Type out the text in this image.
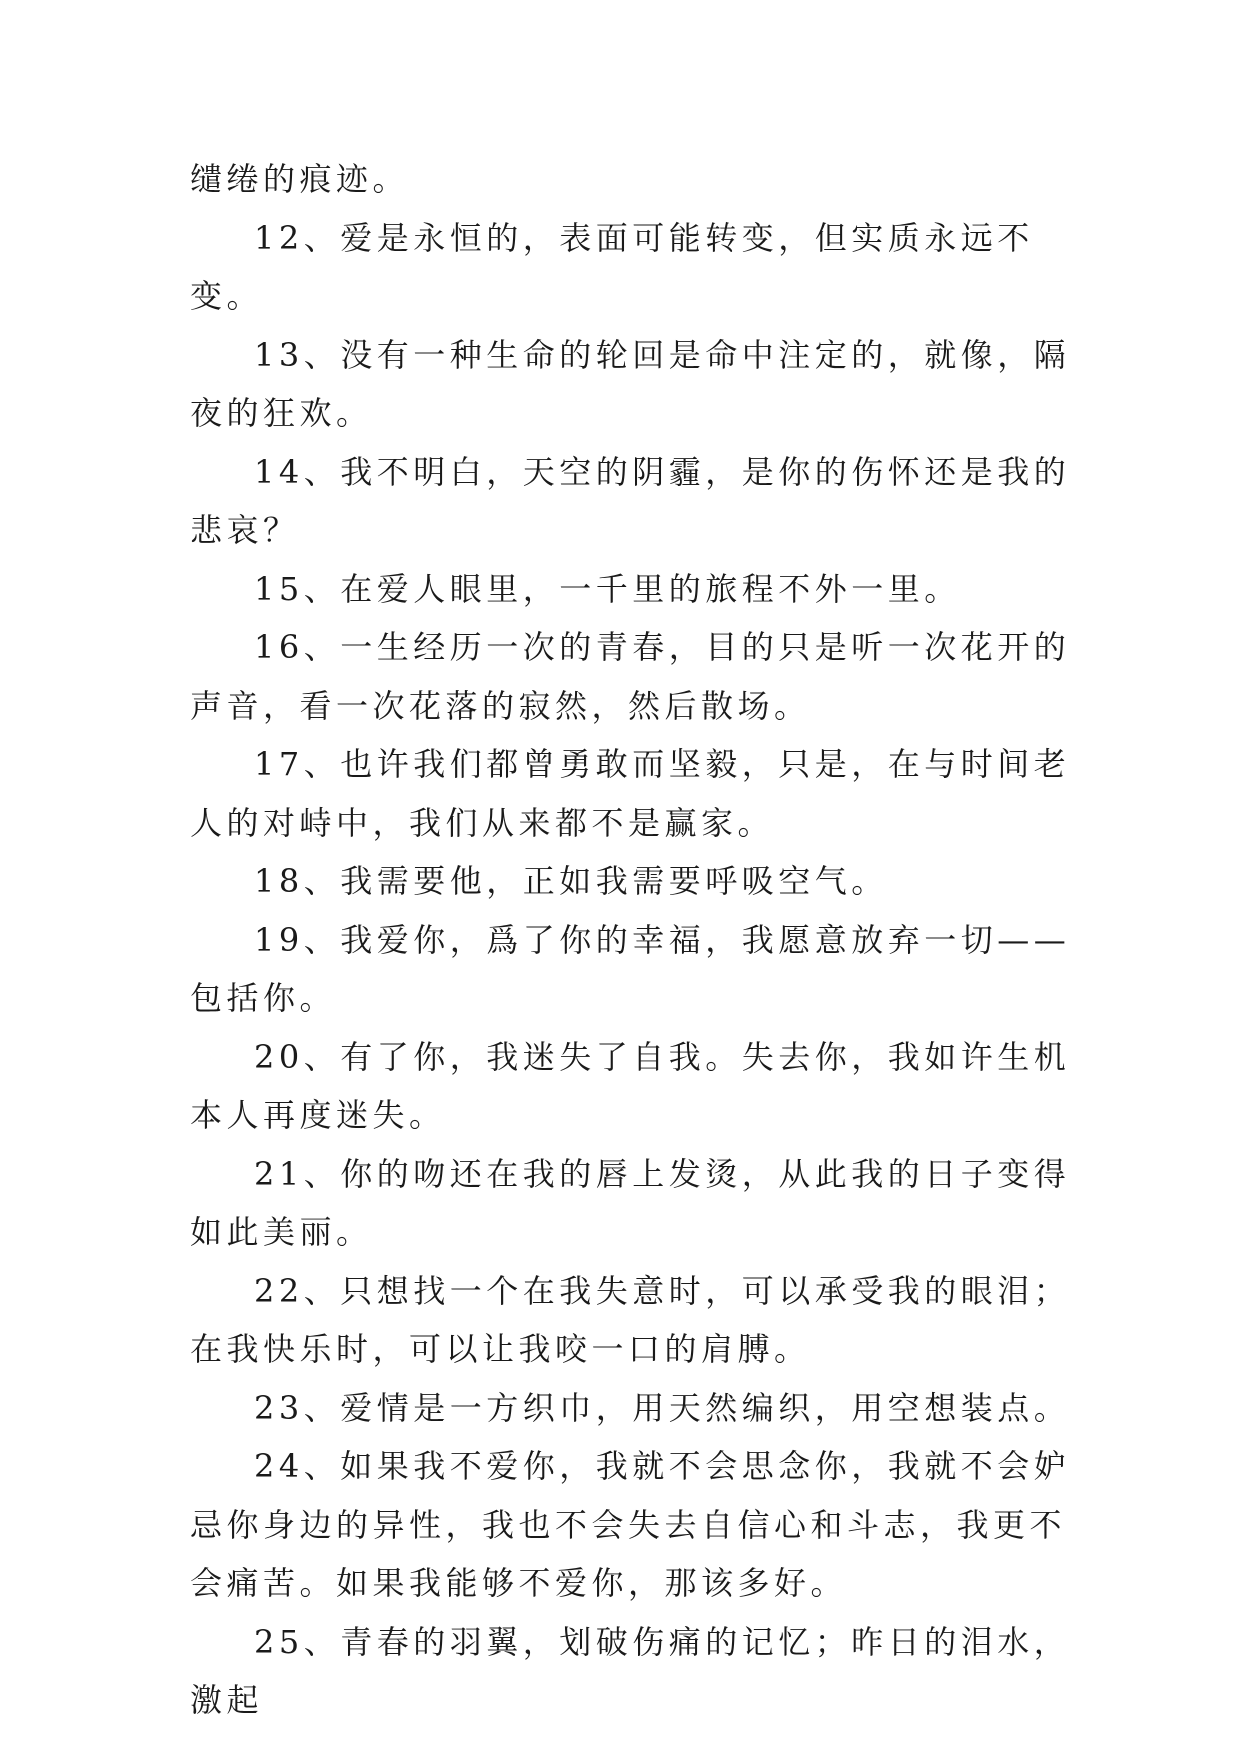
缱绻的痕迹。

12、爱是永恒的，表面可能转变，但实质永远不变。

13、没有一种生命的轮回是命中注定的，就像，隔夜的狂欢。

14、我不明白，天空的阴霾，是你的伤怀还是我的悲哀？

15、在爱人眼里，一千里的旅程不外一里。

16、一生经历一次的青春，目的只是听一次花开的声音，看一次花落的寂然，然后散场。

17、也许我们都曾勇敢而坚毅，只是，在与时间老人的对峙中，我们从来都不是赢家。

18、我需要他，正如我需要呼吸空气。

19、我爱你，爲了你的幸福，我愿意放弃一切——包括你。

20、有了你，我迷失了自我。失去你，我如许生机本人再度迷失。

21、你的吻还在我的唇上发烫，从此我的日子变得如此美丽。

22、只想找一个在我失意时，可以承受我的眼泪；在我快乐时，可以让我咬一口的肩膊。

23、爱情是一方织巾，用天然编织，用空想装点。

24、如果我不爱你，我就不会思念你，我就不会妒忌你身边的异性，我也不会失去自信心和斗志，我更不会痛苦。如果我能够不爱你，那该多好。

25、青春的羽翼，划破伤痛的记忆；昨日的泪水，激起
